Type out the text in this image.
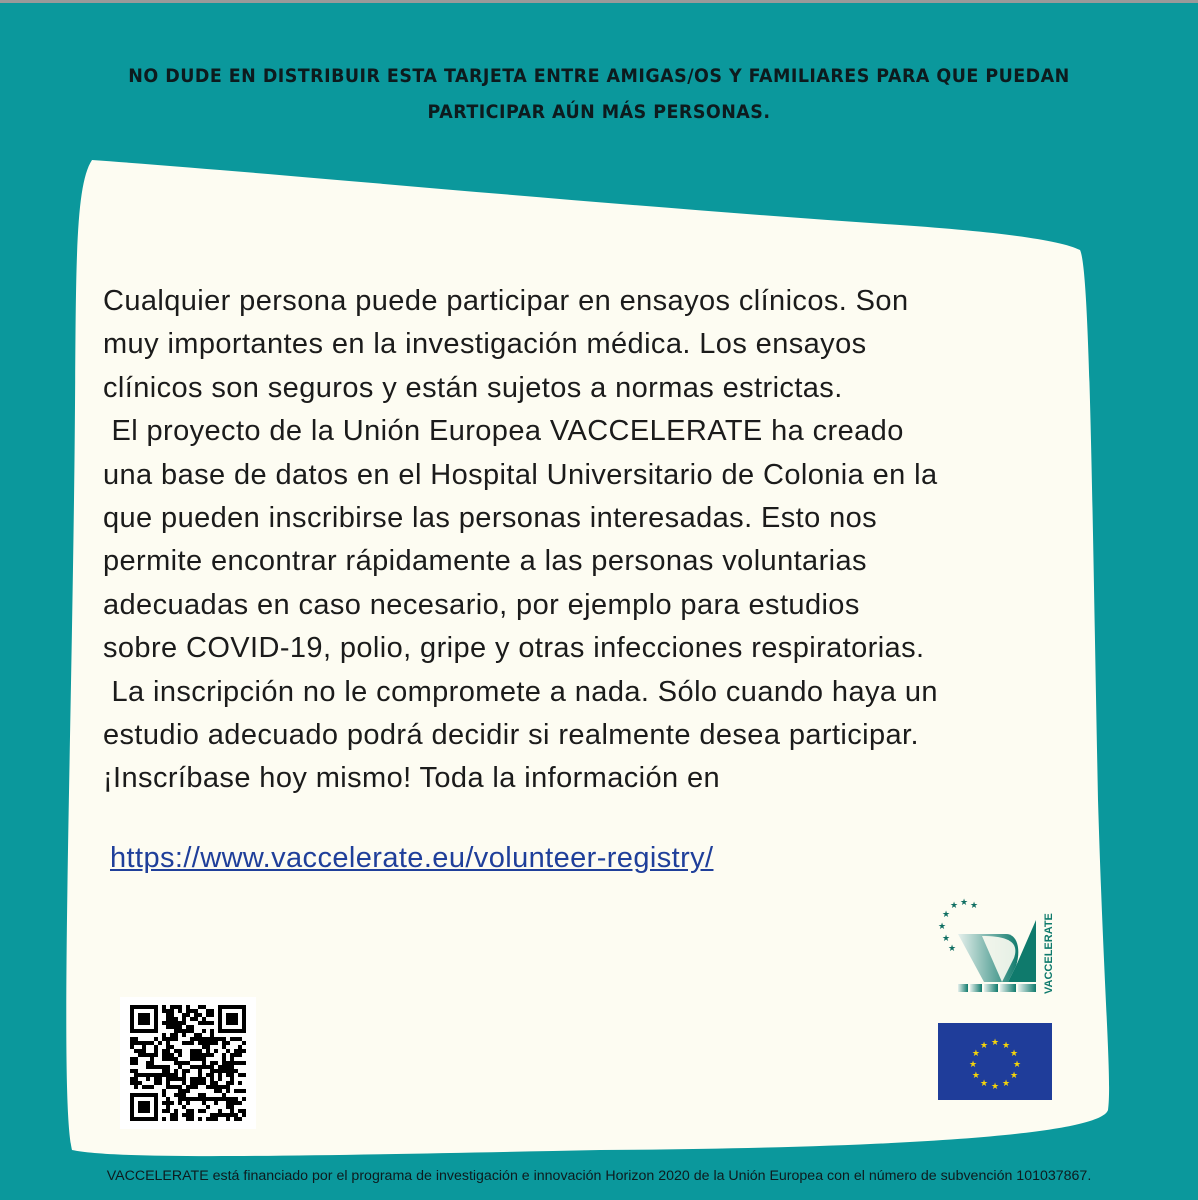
NO DUDE EN DISTRIBUIR ESTA TARJETA ENTRE AMIGAS/OS Y FAMILIARES PARA QUE PUEDAN
PARTICIPAR AÚN MÁS PERSONAS.
Cualquier persona puede participar en ensayos clínicos. Son
muy importantes en la investigación médica. Los ensayos
clínicos son seguros y están sujetos a normas estrictas.
El proyecto de la Unión Europea VACCELERATE ha creado
una base de datos en el Hospital Universitario de Colonia en la
que pueden inscribirse las personas interesadas. Esto nos
permite encontrar rápidamente a las personas voluntarias
adecuadas en caso necesario, por ejemplo para estudios
sobre COVID-19, polio, gripe y otras infecciones respiratorias.
La inscripción no le compromete a nada. Sólo cuando haya un
estudio adecuado podrá decidir si realmente desea participar.
¡Inscríbase hoy mismo! Toda la información en
https://www.vaccelerate.eu/volunteer-registry/
★ ★ ★
★
★
★
★	VACCELERATE
★ ★
★
★
★
★
★
★
★
★
★
★
VACCELERATE está financiado por el programa de investigación e innovación Horizon 2020 de la Unión Europea con el número de subvención 101037867.
